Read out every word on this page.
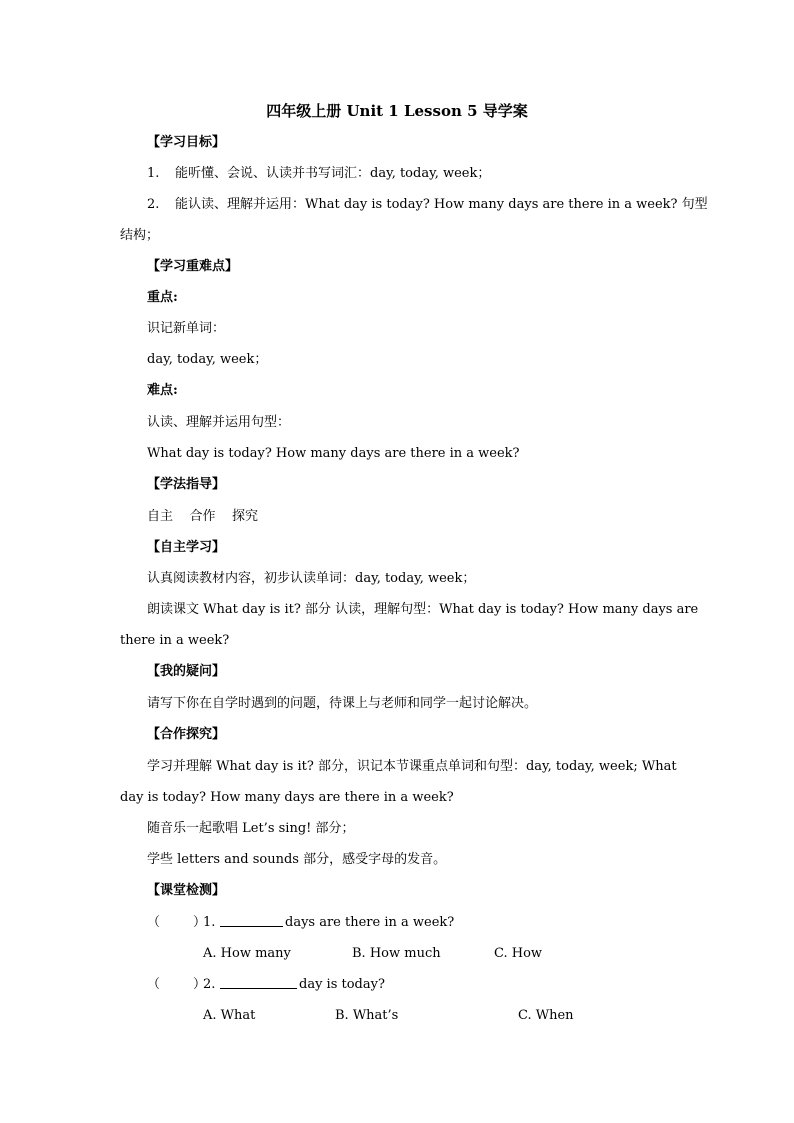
四年级上册 Unit 1 Lesson 5 导学案
【学习目标】
1. 能听懂、会说、认读并书写词汇：day, today, week；
2. 能认读、理解并运用：What day is today? How many days are there in a week? 句型
结构；
【学习重难点】
重点:
识记新单词：
day, today, week；
难点:
认读、理解并运用句型：
What day is today? How many days are there in a week?
【学法指导】
自主    合作    探究
【自主学习】
认真阅读教材内容，初步认读单词：day, today, week；
朗读课文 What day is it? 部分 认读，理解句型：What day is today? How many days are
there in a week?
【我的疑问】
请写下你在自学时遇到的问题，待课上与老师和同学一起讨论解决。
【合作探究】
学习并理解 What day is it? 部分，识记本节课重点单词和句型：day, today, week; What
day is today? How many days are there in a week?
随音乐一起歌唱 Let’s sing! 部分；
学些 letters and sounds 部分，感受字母的发音。
【课堂检测】
（        ）
1.	days are there in a week?
A. How many	B. How much	C. How
（        ）
2.	day is today?
A. What	B. What’s	C. When
